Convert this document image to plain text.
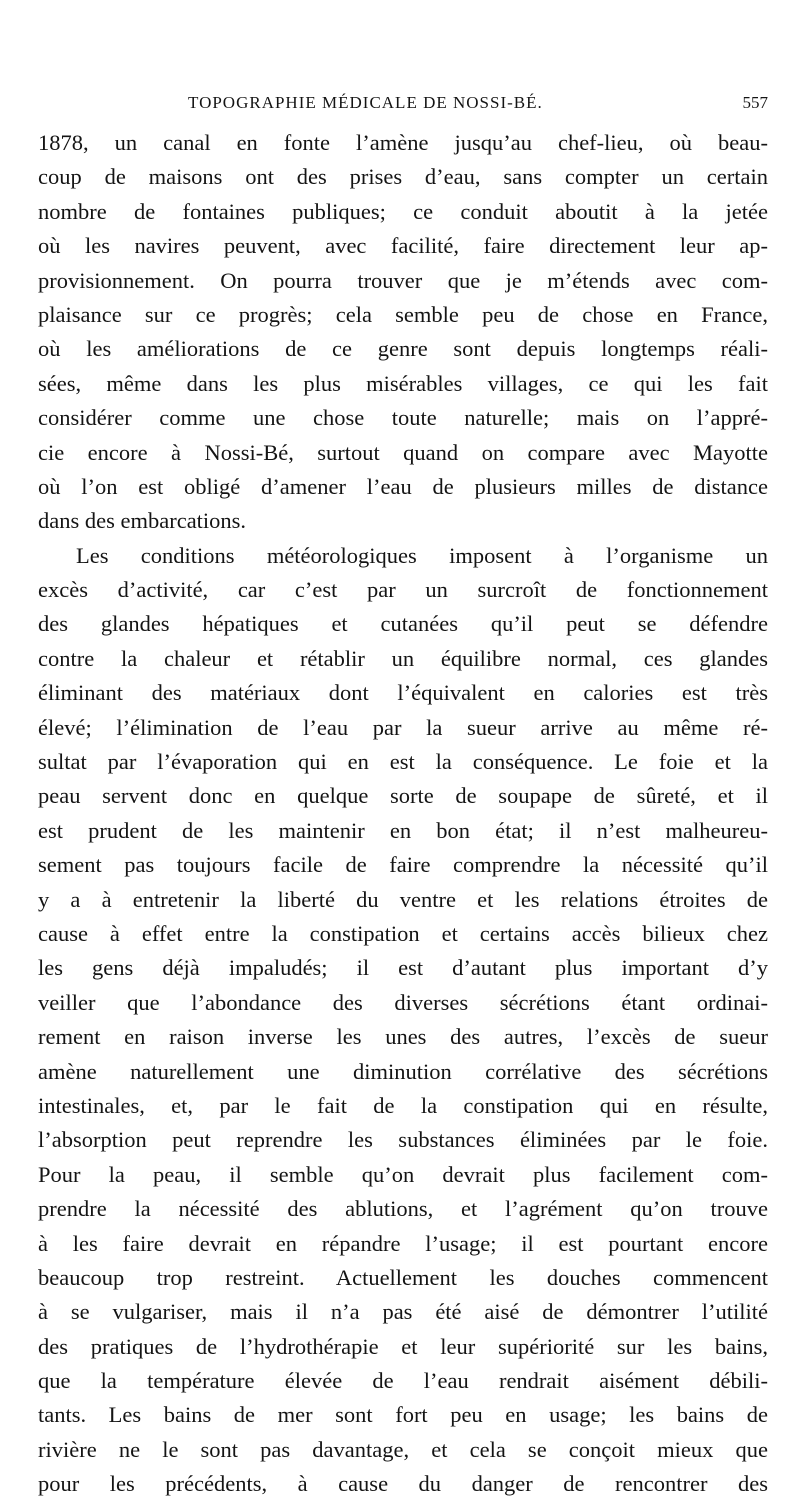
TOPOGRAPHIE MÉDICALE DE NOSSI-BÉ.	557
1878, un canal en fonte l’amène jusqu’au chef-lieu, où beau-
coup de maisons ont des prises d’eau, sans compter un certain
nombre de fontaines publiques; ce conduit aboutit à la jetée
où les navires peuvent, avec facilité, faire directement leur ap-
provisionnement. On pourra trouver que je m’étends avec com-
plaisance sur ce progrès; cela semble peu de chose en France,
où les améliorations de ce genre sont depuis longtemps réali-
sées, même dans les plus misérables villages, ce qui les fait
considérer comme une chose toute naturelle; mais on l’appré-
cie encore à Nossi-Bé, surtout quand on compare avec Mayotte
où l’on est obligé d’amener l’eau de plusieurs milles de distance
dans des embarcations.
Les conditions météorologiques imposent à l’organisme un
excès d’activité, car c’est par un surcroît de fonctionnement
des glandes hépatiques et cutanées qu’il peut se défendre
contre la chaleur et rétablir un équilibre normal, ces glandes
éliminant des matériaux dont l’équivalent en calories est très
élevé; l’élimination de l’eau par la sueur arrive au même ré-
sultat par l’évaporation qui en est la conséquence. Le foie et la
peau servent donc en quelque sorte de soupape de sûreté, et il
est prudent de les maintenir en bon état; il n’est malheureu-
sement pas toujours facile de faire comprendre la nécessité qu’il
y a à entretenir la liberté du ventre et les relations étroites de
cause à effet entre la constipation et certains accès bilieux chez
les gens déjà impaludés; il est d’autant plus important d’y
veiller que l’abondance des diverses sécrétions étant ordinai-
rement en raison inverse les unes des autres, l’excès de sueur
amène naturellement une diminution corrélative des sécrétions
intestinales, et, par le fait de la constipation qui en résulte,
l’absorption peut reprendre les substances éliminées par le foie.
Pour la peau, il semble qu’on devrait plus facilement com-
prendre la nécessité des ablutions, et l’agrément qu’on trouve
à les faire devrait en répandre l’usage; il est pourtant encore
beaucoup trop restreint. Actuellement les douches commencent
à se vulgariser, mais il n’a pas été aisé de démontrer l’utilité
des pratiques de l’hydrothérapie et leur supériorité sur les bains,
que la température élevée de l’eau rendrait aisément débili-
tants. Les bains de mer sont fort peu en usage; les bains de
rivière ne le sont pas davantage, et cela se conçoit mieux que
pour les précédents, à cause du danger de rencontrer des
